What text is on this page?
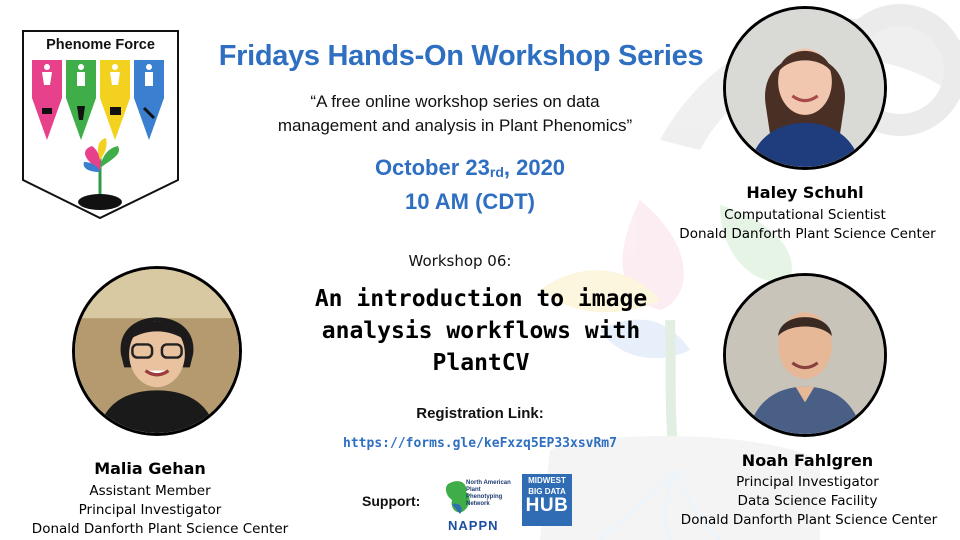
Phenome Force	Fridays Hands-On Workshop Series
“A free online workshop series on data
management and analysis in Plant Phenomics”
October $23_{rd}$, 2020
10 AM (CDT)
Workshop 06:
An introduction to image
analysis workflows with
PlantCV
Registration Link:
https://forms.gle/keFxzq5EP33xsvRm7
Support:
North American Plant Phenotyping Network
NAPPN
MIDWEST
BIG DATA
HUB
Haley Schuhl
Computational Scientist
Donald Danforth Plant Science Center
Malia Gehan
Assistant Member
Principal Investigator
Donald Danforth Plant Science Center
Noah Fahlgren
Principal Investigator
Data Science Facility
Donald Danforth Plant Science Center
